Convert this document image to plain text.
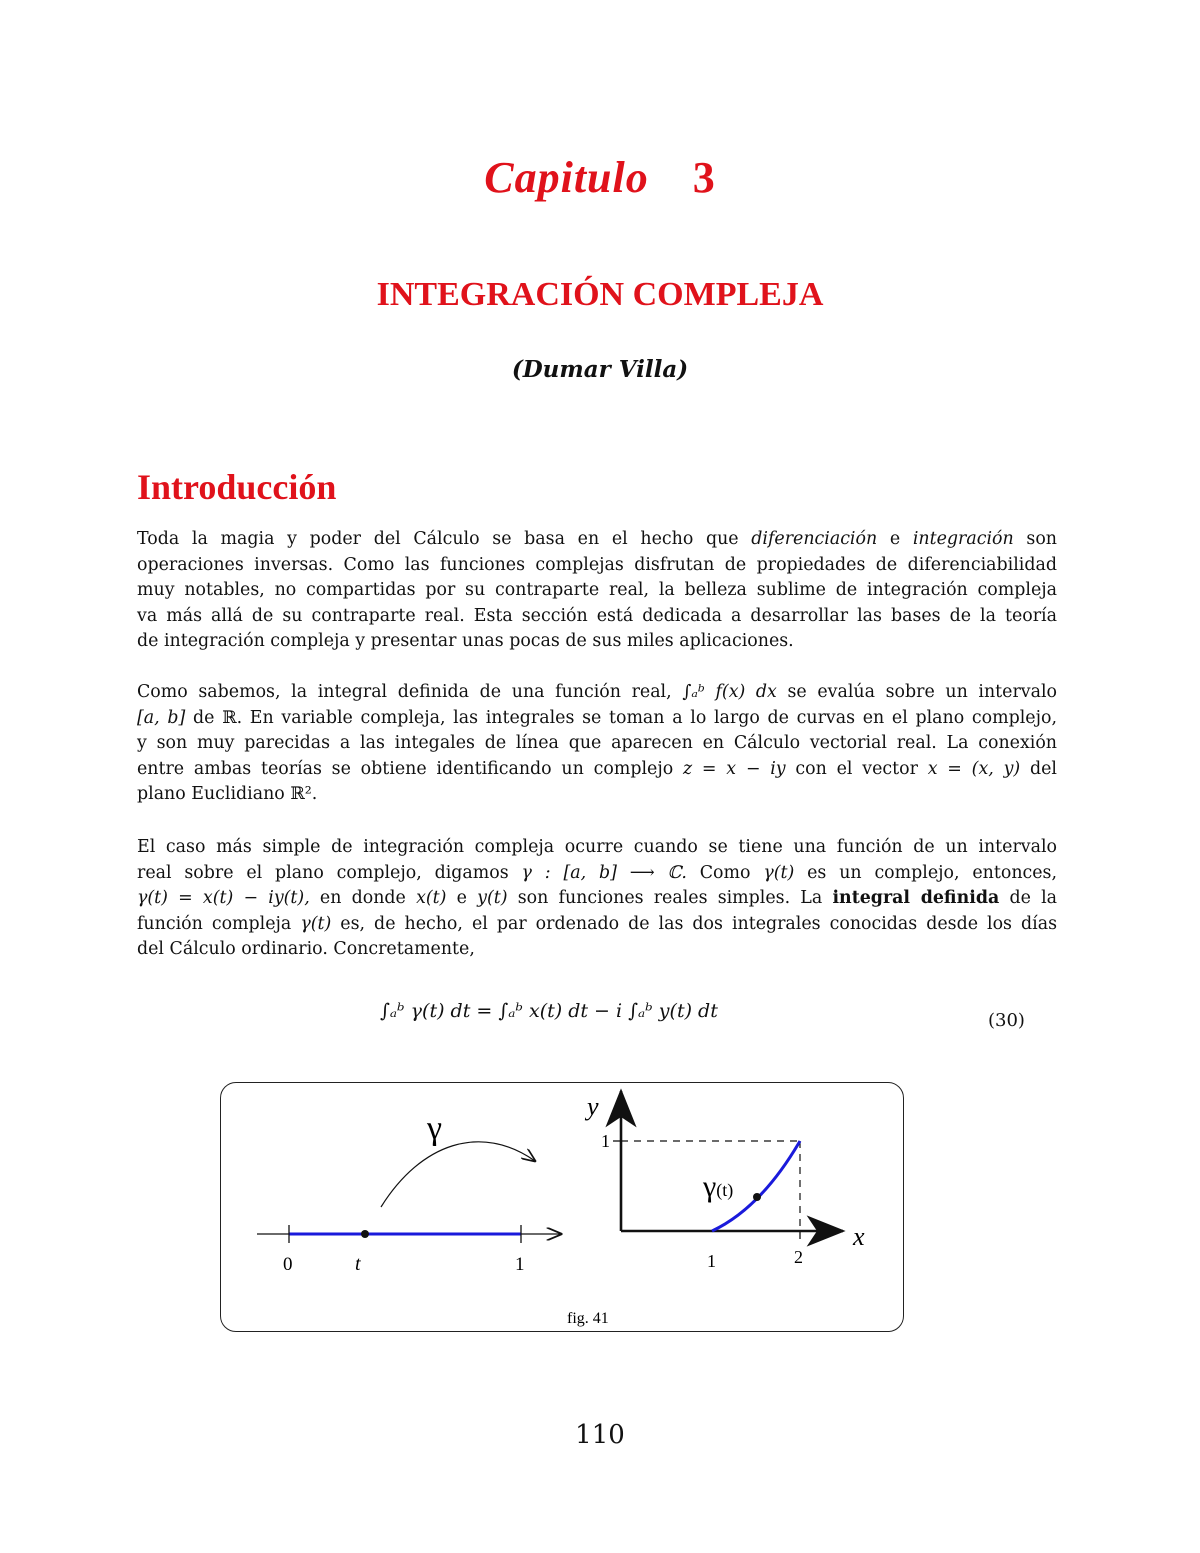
Capitulo 3
INTEGRACIÓN COMPLEJA
(Dumar Villa)
Introducción
Toda la magia y poder del Cálculo se basa en el hecho que diferenciación e integración son
operaciones inversas. Como las funciones complejas disfrutan de propiedades de diferenciabilidad
muy notables, no compartidas por su contraparte real, la belleza sublime de integración compleja
va más allá de su contraparte real. Esta sección está dedicada a desarrollar las bases de la teoría
de integración compleja y presentar unas pocas de sus miles aplicaciones.
Como sabemos, la integral definida de una función real, ∫ₐᵇ f(x) dx se evalúa sobre un intervalo
[a, b] de ℝ. En variable compleja, las integrales se toman a lo largo de curvas en el plano complejo,
y son muy parecidas a las integales de línea que aparecen en Cálculo vectorial real. La conexión
entre ambas teorías se obtiene identificando un complejo z = x − iy con el vector x = (x, y) del
plano Euclidiano ℝ².
El caso más simple de integración compleja ocurre cuando se tiene una función de un intervalo
real sobre el plano complejo, digamos γ : [a, b] ⟶ ℂ. Como γ(t) es un complejo, entonces,
γ(t) = x(t) − iy(t), en donde x(t) e y(t) son funciones reales simples. La integral definida de la
función compleja γ(t) es, de hecho, el par ordenado de las dos integrales conocidas desde los días
del Cálculo ordinario. Concretamente,
∫ₐᵇ γ(t) dt = ∫ₐᵇ x(t) dt − i ∫ₐᵇ y(t) dt	(30)
0	t	1
γ
y
x
1
1	2
γ(t)
fig. 41
110
